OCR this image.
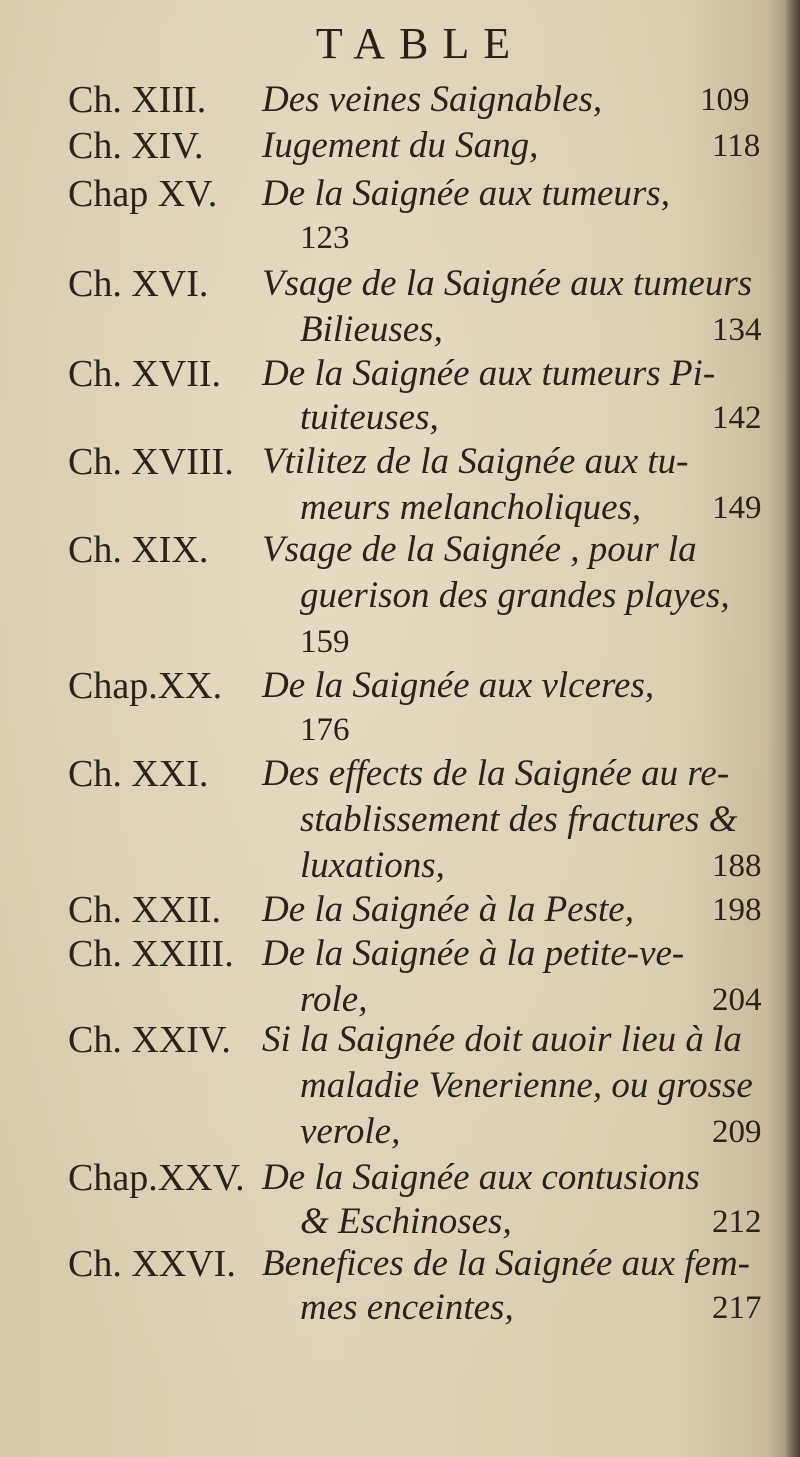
TABLE
Ch. XIII. Des veines Saignables,	109
Ch. XIV. Iugement du Sang,	118
Chap XV. De la Saignée aux tumeurs,
123
Ch. XVI. Vsage de la Saignée aux tumeurs
Bilieuses,	134
Ch. XVII. De la Saignée aux tumeurs Pi-
tuiteuses,	142
Ch. XVIII. Vtilitez de la Saignée aux tu-
meurs melancholiques, 149
Ch. XIX. Vsage de la Saignée , pour la
guerison des grandes playes,
159
Chap.XX. De la Saignée aux vlceres,
176
Ch. XXI. Des effects de la Saignée au re-
stablissement des fractures &
luxations,	188
Ch. XXII. De la Saignée à la Peste, 198
Ch. XXIII. De la Saignée à la petite-ve-
role,	204
Ch. XXIV. Si la Saignée doit auoir lieu à la
maladie Venerienne, ou grosse
verole,	209
Chap.XXV. De la Saignée aux contusions
& Eschinoses,	212
Ch. XXVI. Benefices de la Saignée aux fem-
mes enceintes,	217
